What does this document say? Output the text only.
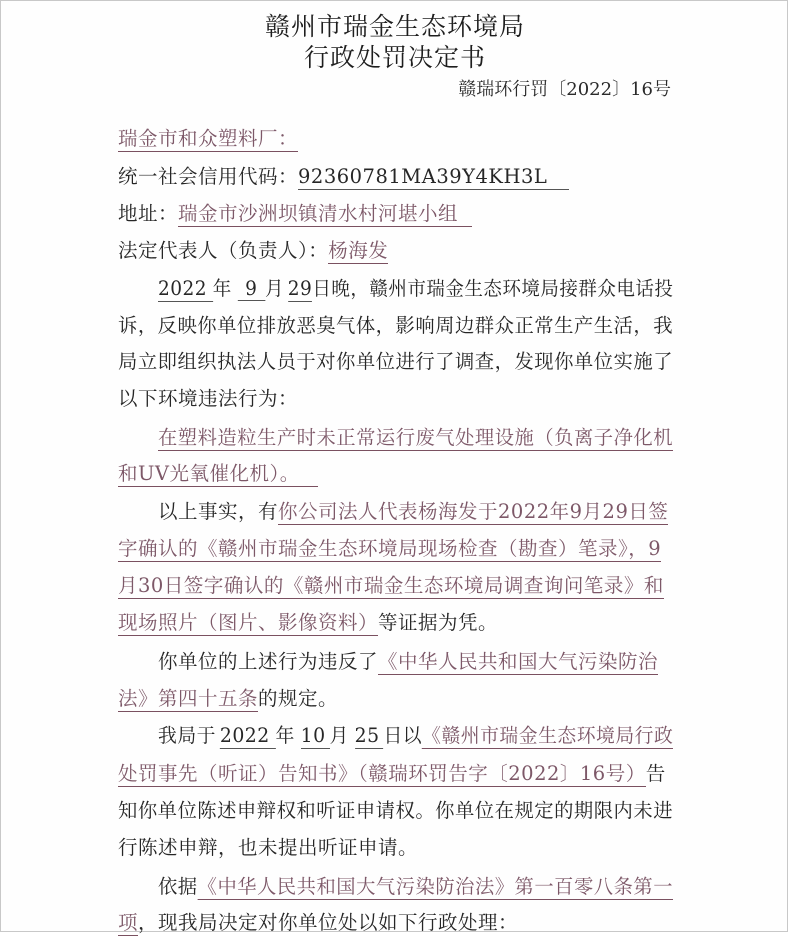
赣州市瑞金生态环境局
行政处罚决定书
赣瑞环行罚〔2022〕16号
瑞金市和众塑料厂：
统一社会信用代码：92360781MA39Y4KH3L
地址：瑞金市沙洲坝镇清水村河堪小组
法定代表人（负责人）：杨海发
2022 年 9 月 29日晚，赣州市瑞金生态环境局接群众电话投
诉，反映你单位排放恶臭气体，影响周边群众正常生产生活，我
局立即组织执法人员于对你单位进行了调查，发现你单位实施了
以下环境违法行为：
在塑料造粒生产时未正常运行废气处理设施（负离子净化机
和UV光氧催化机）。
以上事实，有你公司法人代表杨海发于2022年9月29日签
字确认的《赣州市瑞金生态环境局现场检查（勘查）笔录》，9
月30日签字确认的《赣州市瑞金生态环境局调查询问笔录》和
现场照片（图片、影像资料）等证据为凭。
你单位的上述行为违反了《中华人民共和国大气污染防治
法》第四十五条的规定。
我局于 2022 年 10 月 25 日以《赣州市瑞金生态环境局行政
处罚事先（听证）告知书》（赣瑞环罚告字〔2022〕16号）告
知你单位陈述申辩权和听证申请权。你单位在规定的期限内未进
行陈述申辩，也未提出听证申请。
依据《中华人民共和国大气污染防治法》第一百零八条第一
项，现我局决定对你单位处以如下行政处理：
